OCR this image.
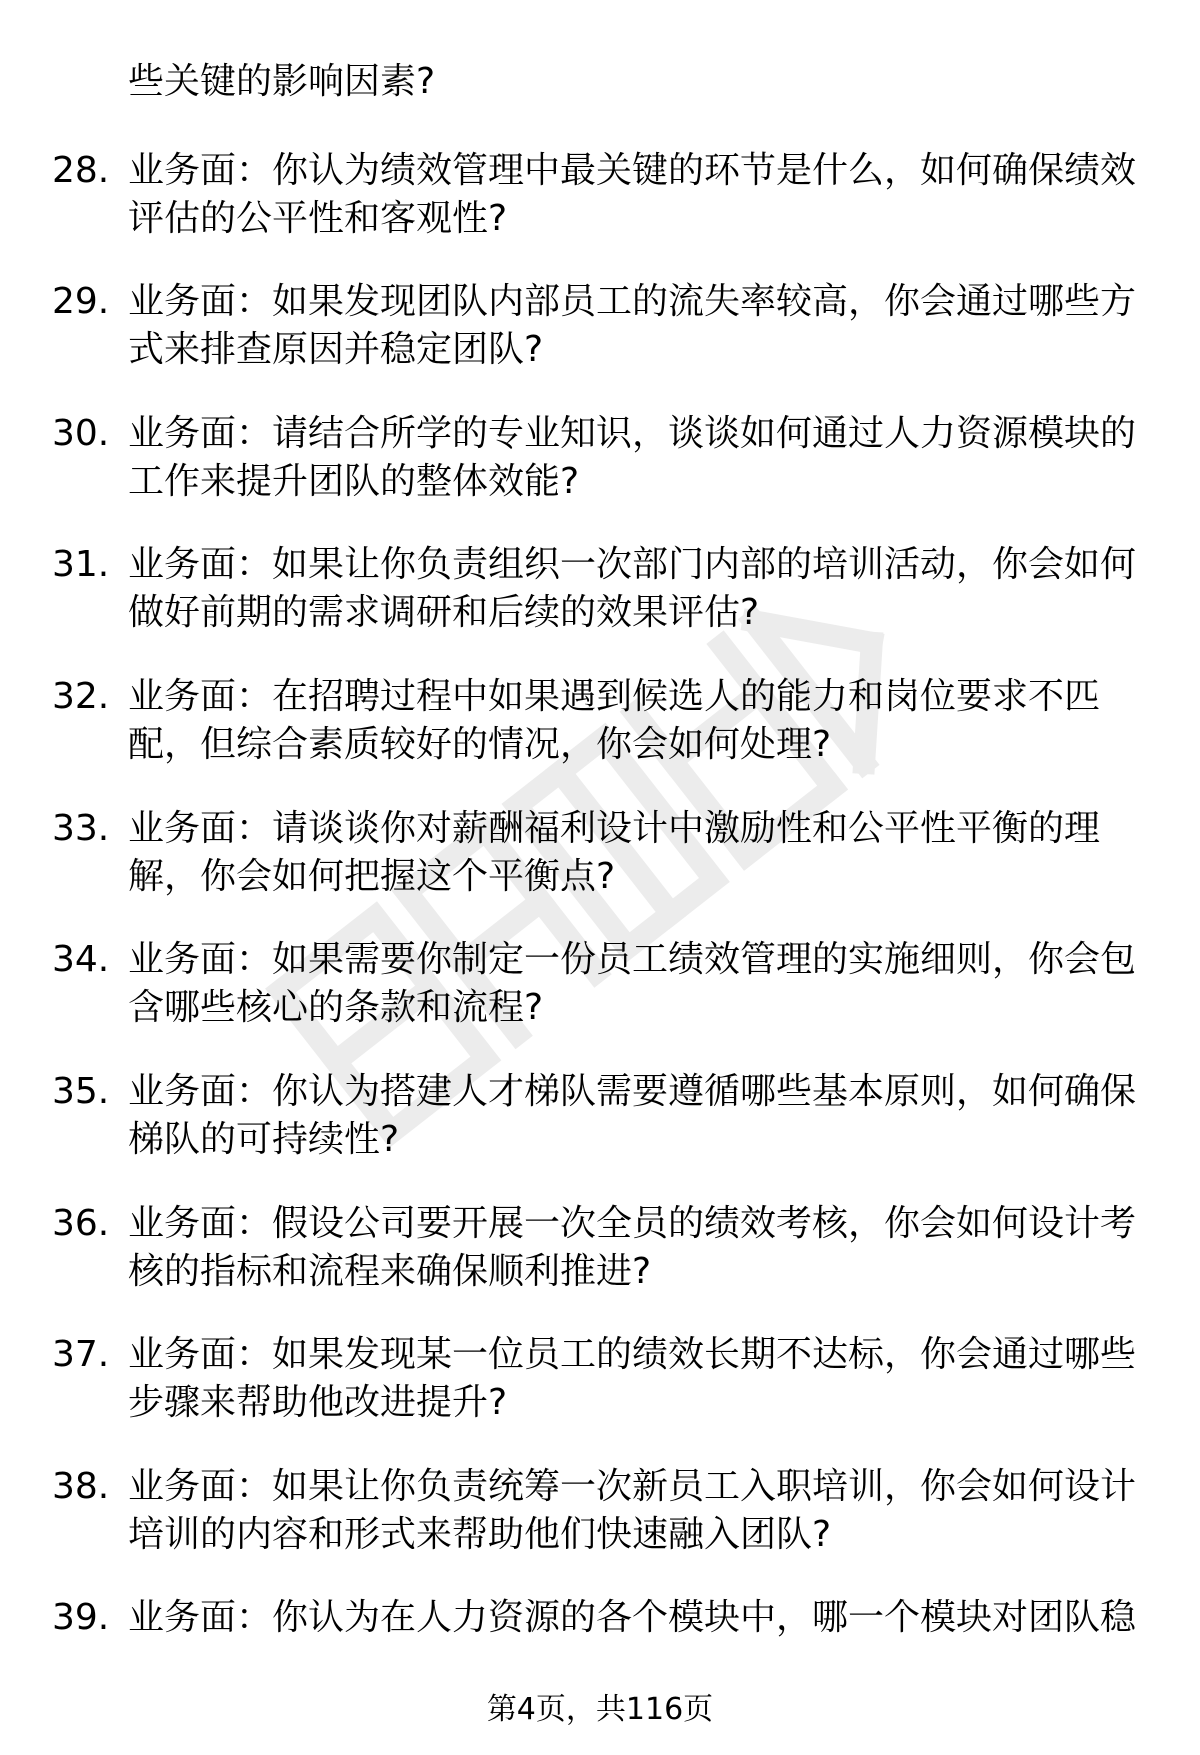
些关键的影响因素?
28. 业务面：你认为绩效管理中最关键的环节是什么，如何确保绩效
评估的公平性和客观性?
29. 业务面：如果发现团队内部员工的流失率较高，你会通过哪些方
式来排查原因并稳定团队?
30. 业务面：请结合所学的专业知识，谈谈如何通过人力资源模块的
工作来提升团队的整体效能?
31. 业务面：如果让你负责组织一次部门内部的培训活动，你会如何
做好前期的需求调研和后续的效果评估?
32. 业务面：在招聘过程中如果遇到候选人的能力和岗位要求不匹
配，但综合素质较好的情况，你会如何处理?
33. 业务面：请谈谈你对薪酬福利设计中激励性和公平性平衡的理
解，你会如何把握这个平衡点?
34. 业务面：如果需要你制定一份员工绩效管理的实施细则，你会包
含哪些核心的条款和流程?
35. 业务面：你认为搭建人才梯队需要遵循哪些基本原则，如何确保
梯队的可持续性?
36. 业务面：假设公司要开展一次全员的绩效考核，你会如何设计考
核的指标和流程来确保顺利推进?
37. 业务面：如果发现某一位员工的绩效长期不达标，你会通过哪些
步骤来帮助他改进提升?
38. 业务面：如果让你负责统筹一次新员工入职培训，你会如何设计
培训的内容和形式来帮助他们快速融入团队?
39. 业务面：你认为在人力资源的各个模块中，哪一个模块对团队稳
第4页，共116页
